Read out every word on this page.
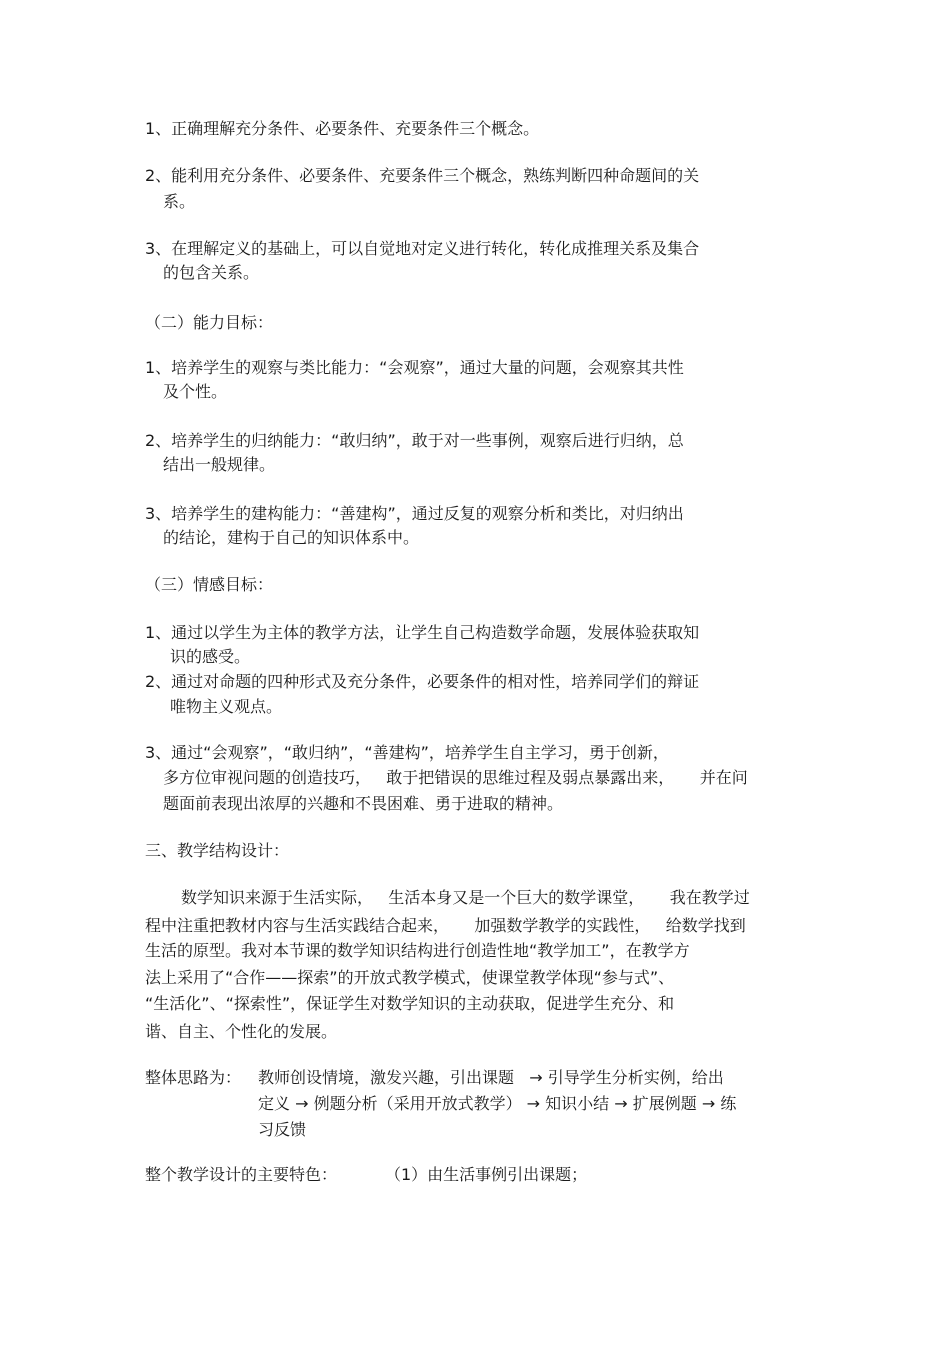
1、正确理解充分条件、必要条件、充要条件三个概念。
2、能利用充分条件、必要条件、充要条件三个概念，熟练判断四种命题间的关
系。
3、在理解定义的基础上，可以自觉地对定义进行转化，转化成推理关系及集合
的包含关系。
（二）能力目标：
1、培养学生的观察与类比能力：“会观察”，通过大量的问题，会观察其共性
及个性。
2、培养学生的归纳能力：“敢归纳”，敢于对一些事例，观察后进行归纳，总
结出一般规律。
3、培养学生的建构能力：“善建构”，通过反复的观察分析和类比，对归纳出
的结论，建构于自己的知识体系中。
（三）情感目标：
1、通过以学生为主体的教学方法，让学生自己构造数学命题，发展体验获取知
识的感受。
2、通过对命题的四种形式及充分条件，必要条件的相对性，培养同学们的辩证
唯物主义观点。
3、通过“会观察”，“敢归纳”，“善建构”，培养学生自主学习，勇于创新，
多方位审视问题的创造技巧，   敢于把错误的思维过程及弱点暴露出来，     并在问
题面前表现出浓厚的兴趣和不畏困难、勇于进取的精神。
三、教学结构设计：
数学知识来源于生活实际，   生活本身又是一个巨大的数学课堂，     我在教学过
程中注重把教材内容与生活实践结合起来，     加强数学教学的实践性，   给数学找到
生活的原型。我对本节课的数学知识结构进行创造性地“教学加工”，在教学方
法上采用了“合作——探索”的开放式教学模式，使课堂教学体现“参与式”、
“生活化”、“探索性”，保证学生对数学知识的主动获取，促进学生充分、和
谐、自主、个性化的发展。
整体思路为： 教师创设情境，激发兴趣，引出课题   → 引导学生分析实例，给出
定义 → 例题分析（采用开放式教学） → 知识小结 → 扩展例题 → 练
习反馈
整个教学设计的主要特色：	（1）由生活事例引出课题；
